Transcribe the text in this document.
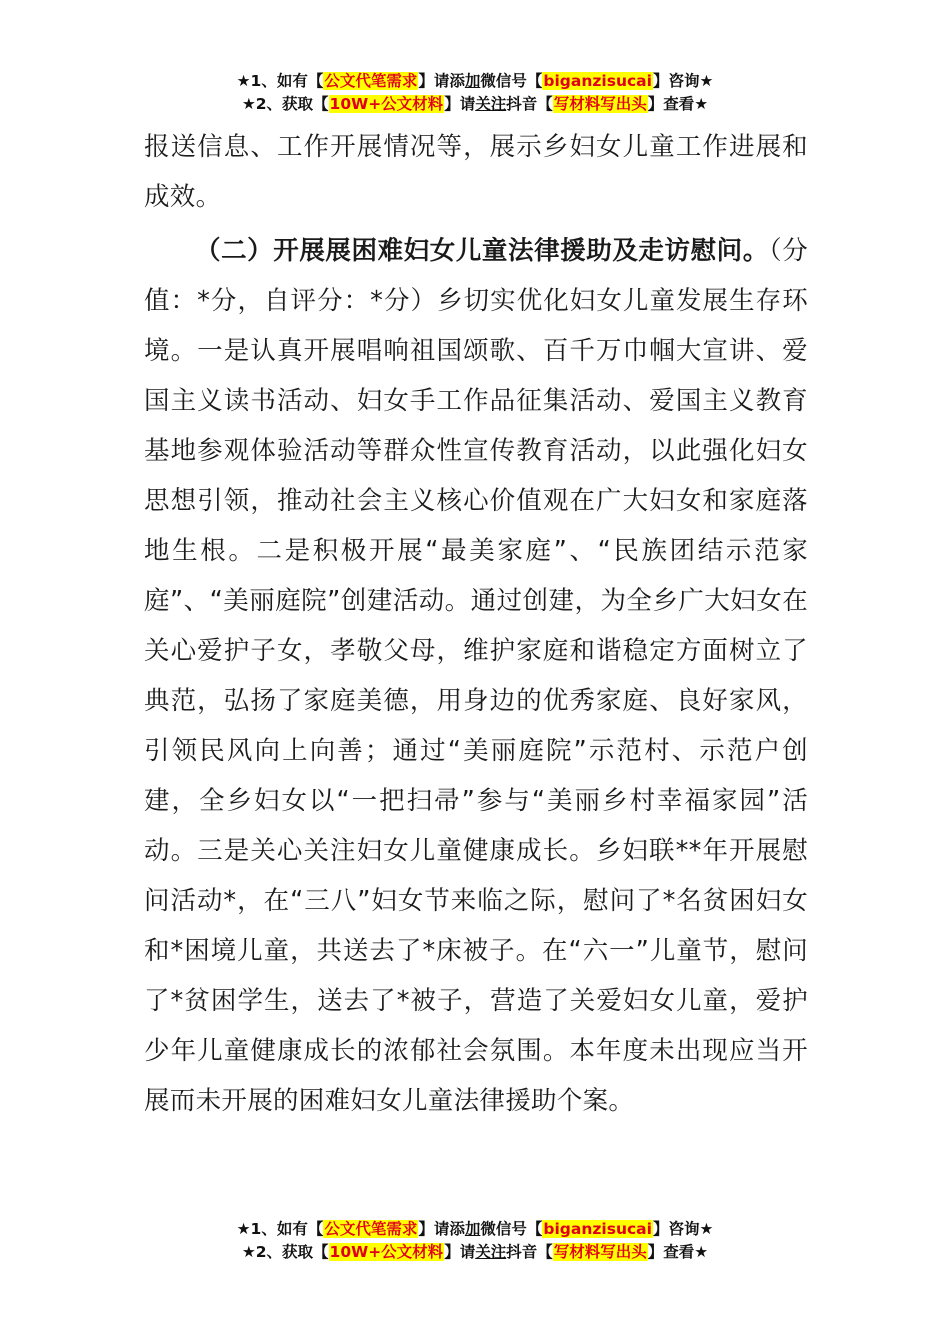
★1、如有【公文代笔需求】请添加微信号【biganzisucai】咨询★
★2、获取【10W+公文材料】请关注抖音【写材料写出头】查看★

报送信息、工作开展情况等，展示乡妇女儿童工作进展和成效。

（二）开展展困难妇女儿童法律援助及走访慰问。（分值：*分，自评分：*分）乡切实优化妇女儿童发展生存环境。一是认真开展唱响祖国颂歌、百千万巾帼大宣讲、爱国主义读书活动、妇女手工作品征集活动、爱国主义教育基地参观体验活动等群众性宣传教育活动，以此强化妇女思想引领，推动社会主义核心价值观在广大妇女和家庭落地生根。二是积极开展“最美家庭”、“民族团结示范家庭”、“美丽庭院”创建活动。通过创建，为全乡广大妇女在关心爱护子女，孝敬父母，维护家庭和谐稳定方面树立了典范，弘扬了家庭美德，用身边的优秀家庭、良好家风，引领民风向上向善；通过“美丽庭院”示范村、示范户创建，全乡妇女以“一把扫帚”参与“美丽乡村幸福家园”活动。三是关心关注妇女儿童健康成长。乡妇联**年开展慰问活动*，在“三八”妇女节来临之际，慰问了*名贫困妇女和*困境儿童，共送去了*床被子。在“六一”儿童节，慰问了*贫困学生，送去了*被子，营造了关爱妇女儿童，爱护少年儿童健康成长的浓郁社会氛围。本年度未出现应当开展而未开展的困难妇女儿童法律援助个案。

★1、如有【公文代笔需求】请添加微信号【biganzisucai】咨询★
★2、获取【10W+公文材料】请关注抖音【写材料写出头】查看★
